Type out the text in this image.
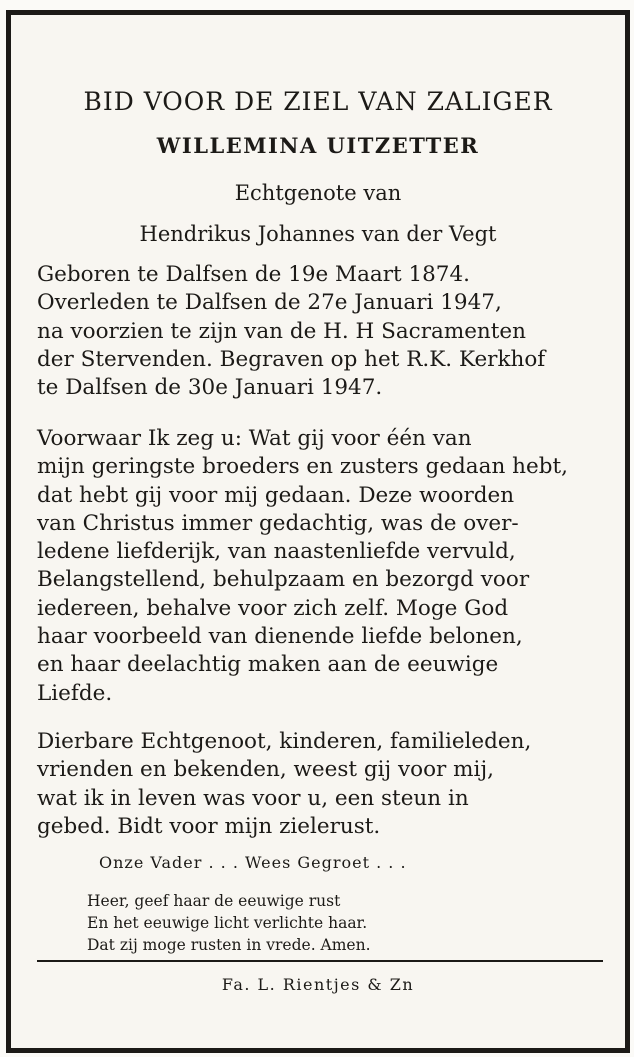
BID VOOR DE ZIEL VAN ZALIGER
WILLEMINA UITZETTER
Echtgenote van
Hendrikus Johannes van der Vegt
Geboren te Dalfsen de 19e Maart 1874.
Overleden te Dalfsen de 27e Januari 1947,
na voorzien te zijn van de H. H Sacramenten
der Stervenden. Begraven op het R.K. Kerkhof
te Dalfsen de 30e Januari 1947.
Voorwaar Ik zeg u: Wat gij voor één van
mijn geringste broeders en zusters gedaan hebt,
dat hebt gij voor mij gedaan. Deze woorden
van Christus immer gedachtig, was de over-
ledene liefderijk, van naastenliefde vervuld,
Belangstellend, behulpzaam en bezorgd voor
iedereen, behalve voor zich zelf. Moge God
haar voorbeeld van dienende liefde belonen,
en haar deelachtig maken aan de eeuwige
Liefde.
Dierbare Echtgenoot, kinderen, familieleden,
vrienden en bekenden, weest gij voor mij,
wat ik in leven was voor u, een steun in
gebed. Bidt voor mijn zielerust.
Onze Vader . . . Wees Gegroet . . .
Heer, geef haar de eeuwige rust
En het eeuwige licht verlichte haar.
Dat zij moge rusten in vrede. Amen.
Fa. L. Rientjes & Zn
